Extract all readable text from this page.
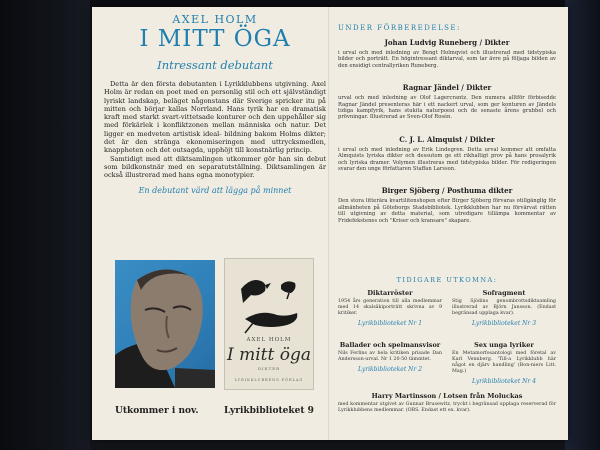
AXEL HOLM
I MITT ÖGA
Intressant debutant

Detta är den första debutanten i Lyrikklubbens utgivning. Axel Holm är redan en poet med en personlig stil och ett självständigt lyriskt landskap, beläget någonstans där Sverige spricker itu på mitten och börjar kallas Norrland. Hans tyrik har en dramatisk kraft med starkt svart-vittetsade konturer och den uppehåller sig med förkärlek i konfliktzonen mellan människa och natur. Det ligger en medveten artistisk ideal- bildning bakom Holms dikter; det är den stränga ekonomiseringen med uttrycksmedlen, knappheten och det outsagda, upphöjt till konstnärlig princip.

Samtidigt med att diktsamlingen utkommer gör han sin debut som bildkonstnär med en separatutställning. Diktsamlingen är också illustrerad med hans egna monotypier.

En debutant värd att lägga på minnet
AXEL HOLM
I mitt öga
DIKTER
LYRIKKLUBBENS FÖRLAG
Utkommer i nov.	Lyrikbiblioteket 9
UNDER FÖRBEREDELSE:
Johan Ludvig Runeberg / Dikter
i urval och med inledning av Bengt Holmqvist och illustrerad med tidstypiska bilder och porträtt. En högintressant diktarval, som tar ävre på följaga bilden av den ensidigt centrallyriken Runeberg.
Ragnar Jändel / Dikter
urval och med inledning av Olof Lagercrantz. Den numera alltför förbisedde Ragnar Jändel presenteras här i ett nackert urval, som ger konturen av Jändels tidiga kampfyrik, hans stukita naturpoesi och de senaste årens grubbel och prövningar. Illustrerad av Sven-Olof Rosén.
C. J. L. Almquist / Dikter
i urval och med inledning av Erik Lindegren. Detta urval kommer att omfatta Almquists lyriska dikter och dessutom ge ett rikhaltigt prov på hans prosalyrik och lyriska dramer. Volymen illustreras med tidstypiska bilder. För redigeringen svarar den unge författaren Staffan Larsson.
Birger Sjöberg / Posthuma dikter
Den stora litterära kvartilitenshopen efter Birger Sjöberg förvaras otillgänglig för allmänheten på Göteborgs Stadsbibliotek. Lyrikklubben har nu förvärvat rätten till utgivning av detta material, som utredigare tillämpa kommentar av Fridefekstenes och "Kriser och kransare" skapare.
TIDIGARE UTKOMNA:
Diktarröster
1954 års generation till alla medlemmar med 14 skalsäkiporträtt skrivna av 9 kritiker.
Lyrikbiblioteket Nr 1
Sofragment
Stig Sjödins genombrottsdiktsamling illustrerad av Björn Jansson. (Endast begränsad upplaga kvar).
Lyrikbiblioteket Nr 3
Ballader och spelmansvisor
Nils Ferlins av hela kritiken prisade Dan Andersson-urval. Nr 1 20-50 tämmtet.
Lyrikbiblioteket Nr 2
Sex unga lyriker
En Metamorfosantologi med företal av Karl Vennberg. 'Till-a Lyrikklubb här något en djärv handling' (Bon-niers Litt. Mag.)
Lyrikbiblioteket Nr 4
Harry Martinsson / Lotsen från Moluckas
med kommentar utgivet av Gunnar Brusewitz, tryckt i begränsad upplaga reserverad för Lyrikklubbens medlemmar. (OBS. Endast ett ex. kvar).
